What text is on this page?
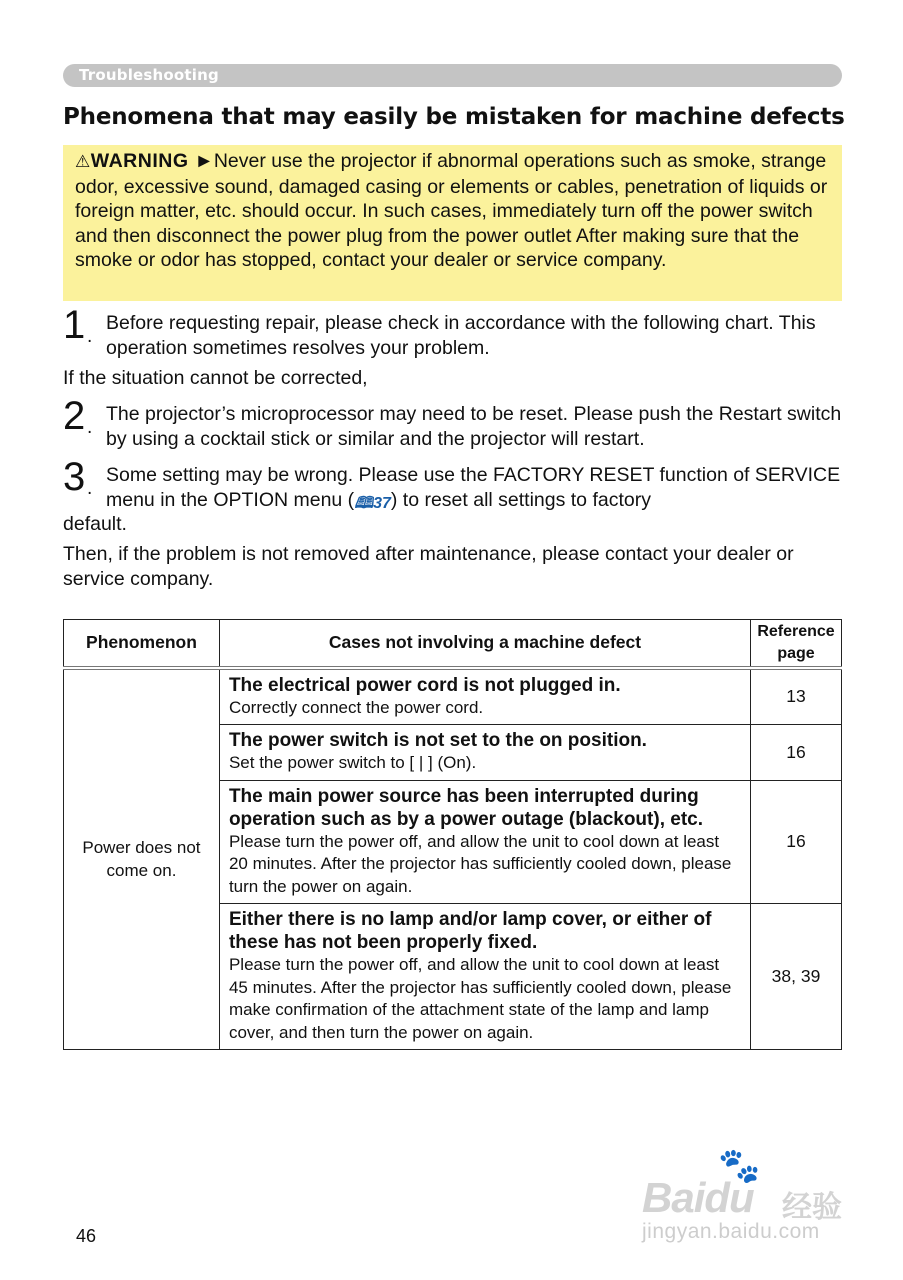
Troubleshooting
Phenomena that may easily be mistaken for machine defects
⚠WARNING ►Never use the projector if abnormal operations such as smoke, strange odor, excessive sound, damaged casing or elements or cables, penetration of liquids or foreign matter, etc. should occur. In such cases, immediately turn off the power switch and then disconnect the power plug from the power outlet After making sure that the smoke or odor has stopped, contact your dealer or service company.
1 .
Before requesting repair, please check in accordance with the following chart. This operation sometimes resolves your problem.
If the situation cannot be corrected,
2 .
The projector’s microprocessor may need to be reset. Please push the Restart switch by using a cocktail stick or similar and the projector will restart.
3 .
Some setting may be wrong. Please use the FACTORY RESET function of SERVICE menu in the OPTION menu (🕮37) to reset all settings to factory
default.
Then, if the problem is not removed after maintenance, please contact your dealer or service company.
Phenomenon	Cases not involving a machine defect	Reference
page

Power does not come on.	The electrical power cord is not plugged in.
Correctly connect the power cord.	13

	The power switch is not set to the on position.
Set the power switch to [ | ] (On).	16

	The main power source has been interrupted during operation such as by a power outage (blackout), etc.
Please turn the power off, and allow the unit to cool down at least 20 minutes. After the projector has sufficiently cooled down, please turn the power on again.	16

	Either there is no lamp and/or lamp cover, or either of these has not been properly fixed.
Please turn the power off, and allow the unit to cool down at least 45 minutes. After the projector has sufficiently cooled down, please make confirmation of the attachment state of the lamp and lamp cover, and then turn the power on again.	38, 39
46
🐾
Baidu 经验
jingyan.baidu.com
